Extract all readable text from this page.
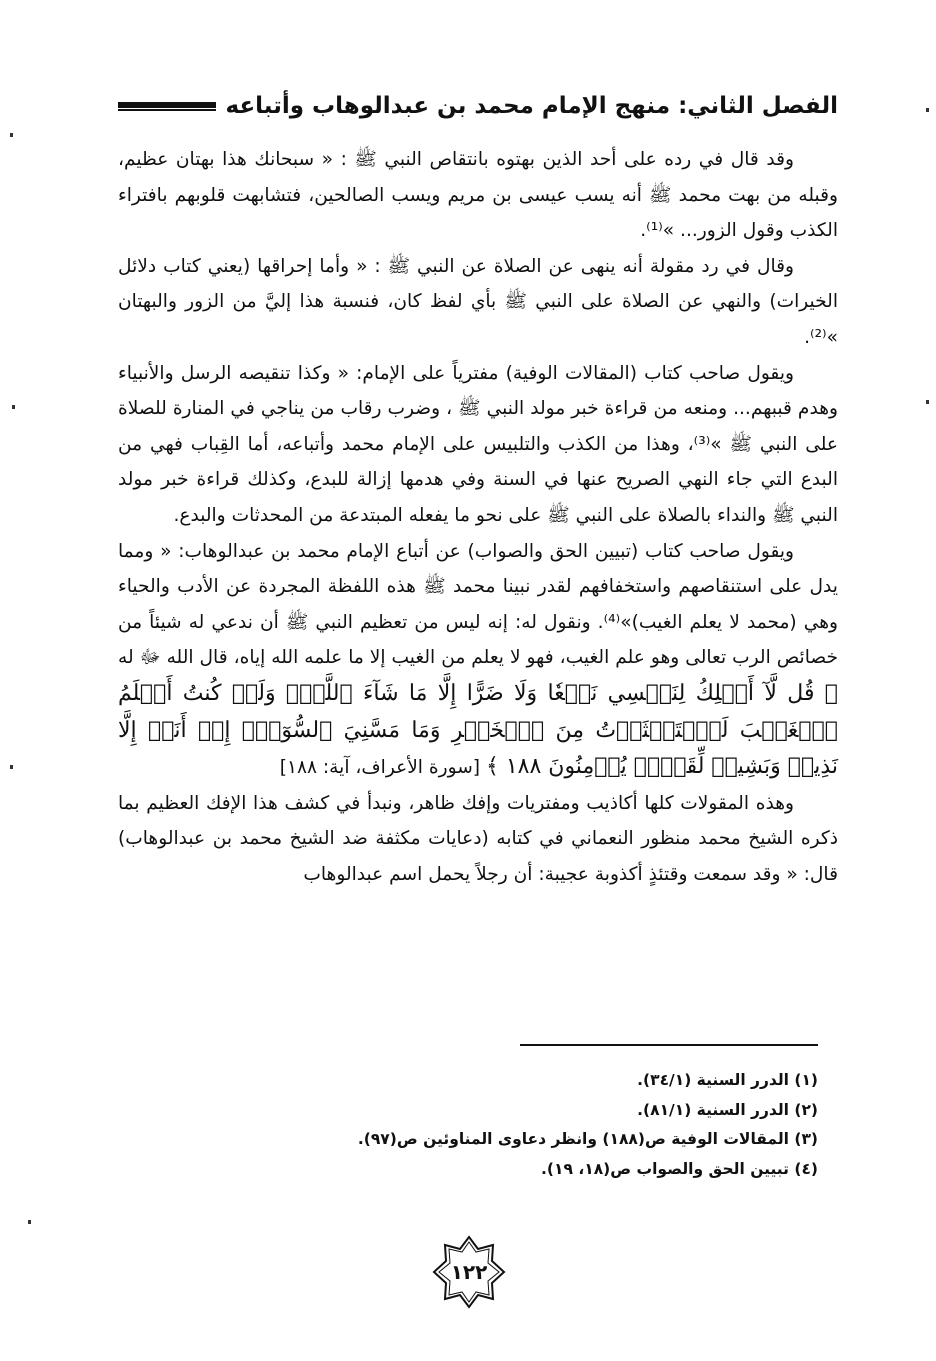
الفصل الثاني: منهج الإمام محمد بن عبدالوهاب وأتباعه

وقد قال في رده على أحد الذين بهتوه بانتقاص النبي ﷺ : « سبحانك هذا بهتان عظيم، وقبله من بهت محمد ﷺ أنه يسب عيسى بن مريم ويسب الصالحين، فتشابهت قلوبهم بافتراء الكذب وقول الزور... »⁽¹⁾.

وقال في رد مقولة أنه ينهى عن الصلاة عن النبي ﷺ : « وأما إحراقها (يعني كتاب دلائل الخيرات) والنهي عن الصلاة على النبي ﷺ بأي لفظ كان، فنسبة هذا إليَّ من الزور والبهتان »⁽²⁾.

ويقول صاحب كتاب (المقالات الوفية) مفترياً على الإمام: « وكذا تنقيصه الرسل والأنبياء وهدم قببهم... ومنعه من قراءة خبر مولد النبي ﷺ ، وضرب رقاب من يناجي في المنارة للصلاة على النبي ﷺ »⁽³⁾، وهذا من الكذب والتلبيس على الإمام محمد وأتباعه، أما القِباب فهي من البدع التي جاء النهي الصريح عنها في السنة وفي هدمها إزالة للبدع، وكذلك قراءة خبر مولد النبي ﷺ والنداء بالصلاة على النبي ﷺ على نحو ما يفعله المبتدعة من المحدثات والبدع.

ويقول صاحب كتاب (تبيين الحق والصواب) عن أتباع الإمام محمد بن عبدالوهاب: « ومما يدل على استنقاصهم واستخفافهم لقدر نبينا محمد ﷺ هذه اللفظة المجردة عن الأدب والحياء وهي (محمد لا يعلم الغيب)»⁽⁴⁾. ونقول له: إنه ليس من تعظيم النبي ﷺ أن ندعي له شيئاً من خصائص الرب تعالى وهو علم الغيب، فهو لا يعلم من الغيب إلا ما علمه الله إياه، قال الله ﷻ له ﴿ قُل لَّآ أَمۡلِكُ لِنَفۡسِي نَفۡعٗا وَلَا ضَرًّا إِلَّا مَا شَآءَ ٱللَّهُۚ وَلَوۡ كُنتُ أَعۡلَمُ ٱلۡغَيۡبَ لَٱسۡتَكۡثَرۡتُ مِنَ ٱلۡخَيۡرِ وَمَا مَسَّنِيَ ٱلسُّوٓءُۚ إِنۡ أَنَا۠ إِلَّا نَذِيرٞ وَبَشِيرٞ لِّقَوۡمٖ يُؤۡمِنُونَ ١٨٨ ﴾ [سورة الأعراف، آية: ١٨٨]

وهذه المقولات كلها أكاذيب ومفتريات وإفك ظاهر، ونبدأ في كشف هذا الإفك العظيم بما ذكره الشيخ محمد منظور النعماني في كتابه (دعايات مكثفة ضد الشيخ محمد بن عبدالوهاب) قال: « وقد سمعت وقتئذٍ أكذوبة عجيبة: أن رجلاً يحمل اسم عبدالوهاب

(١) الدرر السنية (٣٤/١).

(٢) الدرر السنية (٨١/١).

(٣) المقالات الوفية ص(١٨٨) وانظر دعاوى المناوئين ص(٩٧).

(٤) تبيين الحق والصواب ص(١٨، ١٩).

١٢٢
